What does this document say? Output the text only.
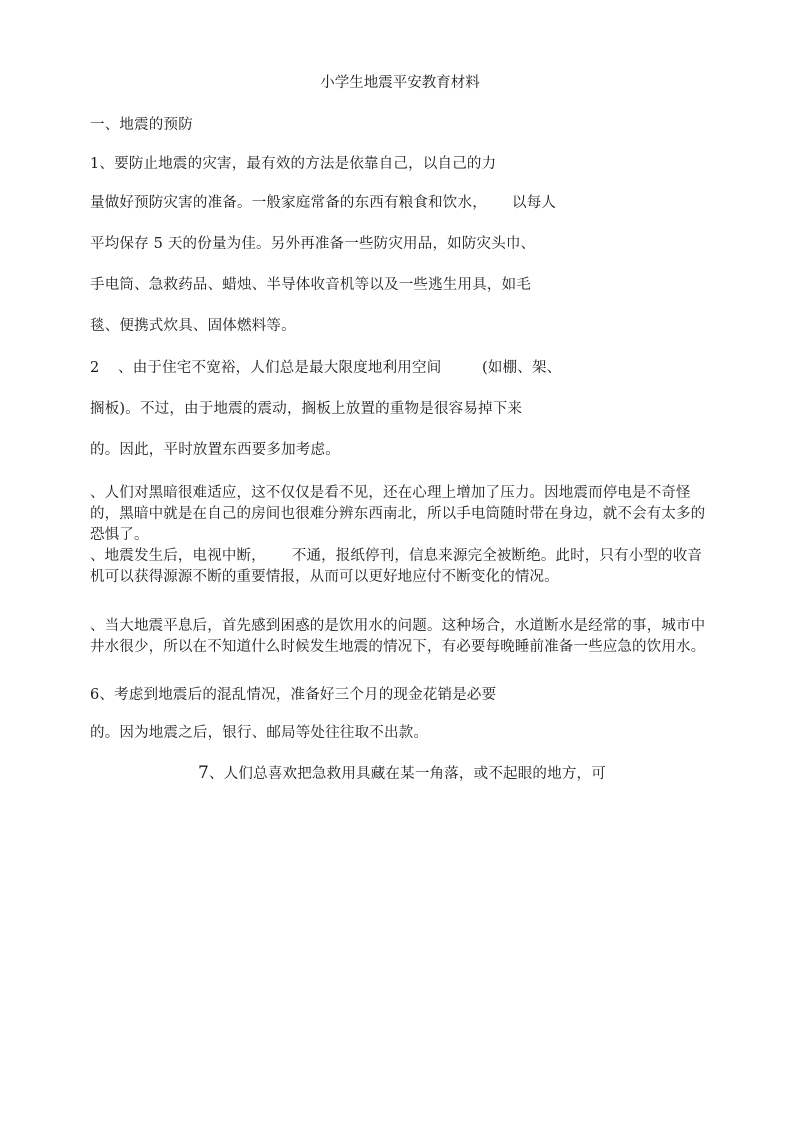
小学生地震平安教育材料
一、地震的预防
1、要防止地震的灾害，最有效的方法是依靠自己，以自己的力
量做好预防灾害的准备。一般家庭常备的东西有粮食和饮水， 以每人
平均保存 5 天的份量为佳。另外再准备一些防灾用品，如防灾头巾、
手电筒、急救药品、蜡烛、半导体收音机等以及一些逃生用具，如毛
毯、便携式炊具、固体燃料等。
2 、由于住宅不宽裕，人们总是最大限度地利用空间	(如棚、架、
搁板)。不过，由于地震的震动，搁板上放置的重物是很容易掉下来
的。因此，平时放置东西要多加考虑。
、人们对黑暗很难适应，这不仅仅是看不见，还在心理上增加了压力。因地震而停电是不奇怪的，黑暗中就是在自己的房间也很难分辨东西南北，所以手电筒随时带在身边，就不会有太多的恐惧了。
、地震发生后，电视中断， 不通，报纸停刊，信息来源完全被断绝。此时，只有小型的收音机可以获得源源不断的重要情报，从而可以更好地应付不断变化的情况。
、当大地震平息后，首先感到困惑的是饮用水的问题。这种场合，水道断水是经常的事，城市中井水很少，所以在不知道什么时候发生地震的情况下，有必要每晚睡前准备一些应急的饮用水。
6、考虑到地震后的混乱情况，准备好三个月的现金花销是必要
的。因为地震之后，银行、邮局等处往往取不出款。
7、人们总喜欢把急救用具藏在某一角落，或不起眼的地方，可
